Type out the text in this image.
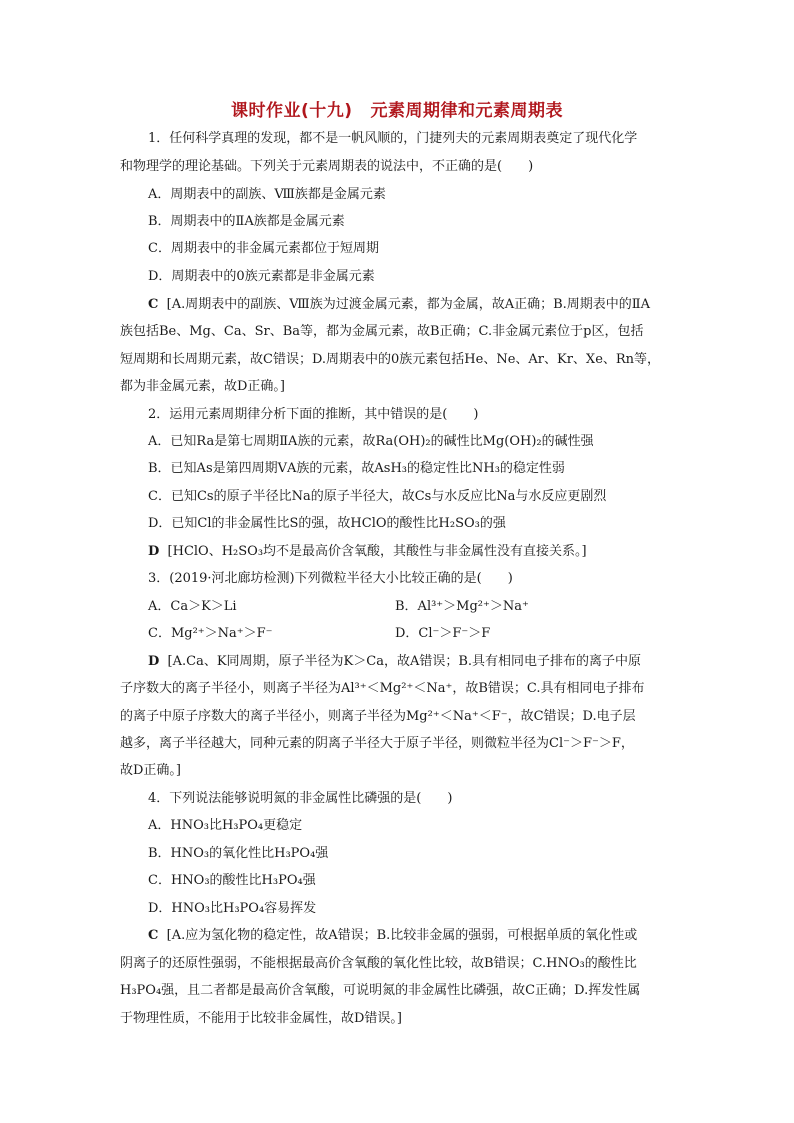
课时作业(十九) 元素周期律和元素周期表
1．任何科学真理的发现，都不是一帆风顺的，门捷列夫的元素周期表奠定了现代化学
和物理学的理论基础。下列关于元素周期表的说法中，不正确的是(　　)
A．周期表中的副族、Ⅷ族都是金属元素
B．周期表中的ⅡA族都是金属元素
C．周期表中的非金属元素都位于短周期
D．周期表中的0族元素都是非金属元素
C [A.周期表中的副族、Ⅷ族为过渡金属元素，都为金属，故A正确；B.周期表中的ⅡA
族包括Be、Mg、Ca、Sr、Ba等，都为金属元素，故B正确；C.非金属元素位于p区，包括
短周期和长周期元素，故C错误；D.周期表中的0族元素包括He、Ne、Ar、Kr、Xe、Rn等，
都为非金属元素，故D正确。]
2．运用元素周期律分析下面的推断，其中错误的是(　　)
A．已知Ra是第七周期ⅡA族的元素，故Ra(OH)₂的碱性比Mg(OH)₂的碱性强
B．已知As是第四周期ⅤA族的元素，故AsH₃的稳定性比NH₃的稳定性弱
C．已知Cs的原子半径比Na的原子半径大，故Cs与水反应比Na与水反应更剧烈
D．已知Cl的非金属性比S的强，故HClO的酸性比H₂SO₃的强
D [HClO、H₂SO₃均不是最高价含氧酸，其酸性与非金属性没有直接关系。]
3．(2019·河北廊坊检测)下列微粒半径大小比较正确的是(　　)
A．Ca＞K＞Li	B．Al³⁺＞Mg²⁺＞Na⁺
C．Mg²⁺＞Na⁺＞F⁻	D．Cl⁻＞F⁻＞F
D [A.Ca、K同周期，原子半径为K＞Ca，故A错误；B.具有相同电子排布的离子中原
子序数大的离子半径小，则离子半径为Al³⁺＜Mg²⁺＜Na⁺，故B错误；C.具有相同电子排布
的离子中原子序数大的离子半径小，则离子半径为Mg²⁺＜Na⁺＜F⁻，故C错误；D.电子层
越多，离子半径越大，同种元素的阴离子半径大于原子半径，则微粒半径为Cl⁻＞F⁻＞F，
故D正确。]
4．下列说法能够说明氮的非金属性比磷强的是(　　)
A．HNO₃比H₃PO₄更稳定
B．HNO₃的氧化性比H₃PO₄强
C．HNO₃的酸性比H₃PO₄强
D．HNO₃比H₃PO₄容易挥发
C [A.应为氢化物的稳定性，故A错误；B.比较非金属的强弱，可根据单质的氧化性或
阴离子的还原性强弱，不能根据最高价含氧酸的氧化性比较，故B错误；C.HNO₃的酸性比
H₃PO₄强，且二者都是最高价含氧酸，可说明氮的非金属性比磷强，故C正确；D.挥发性属
于物理性质，不能用于比较非金属性，故D错误。]
